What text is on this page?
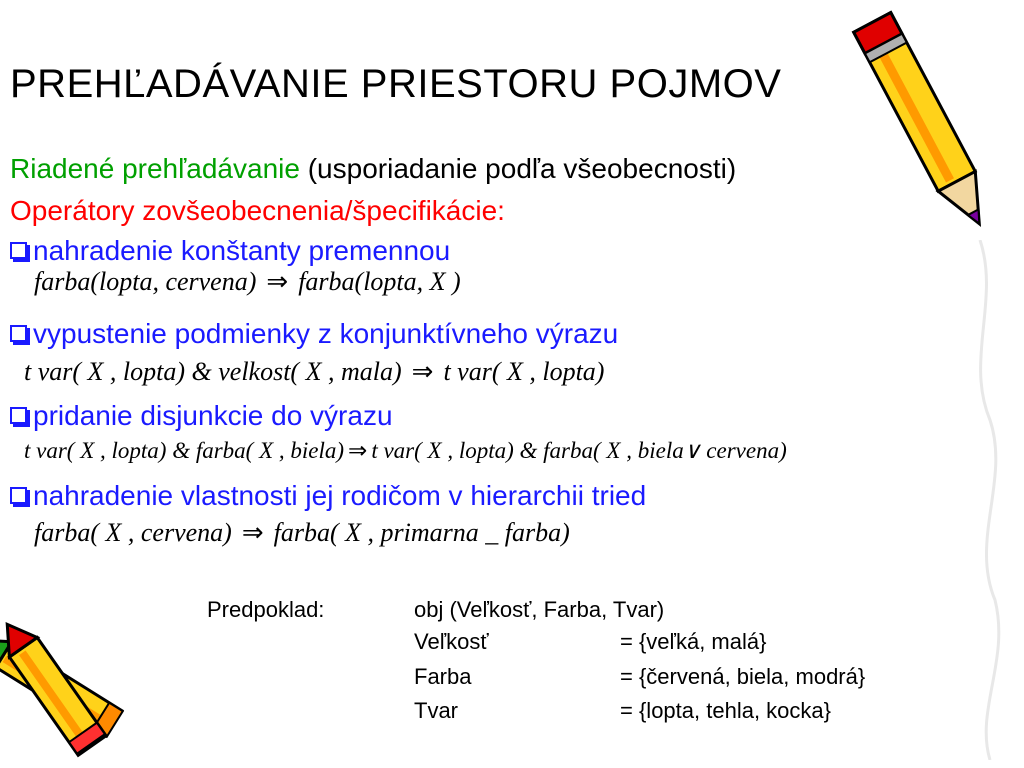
PREHĽADÁVANIE PRIESTORU POJMOV
Riadené prehľadávanie (usporiadanie podľa všeobecnosti)
Operátory zovšeobecnenia/špecifikácie:
nahradenie konštanty premennou
farba(lopta, cervena) ⇒ farba(lopta, X )
vypustenie podmienky z konjunktívneho výrazu
t var( X , lopta) & velkost( X , mala) ⇒ t var( X , lopta)
pridanie disjunkcie do výrazu
t var( X , lopta) & farba( X , biela) ⇒ t var( X , lopta) & farba( X , biela∨ cervena)
nahradenie vlastnosti jej rodičom v hierarchii tried
farba( X , cervena) ⇒ farba( X , primarna _ farba)
Predpoklad:	obj (Veľkosť, Farba, Tvar)
Veľkosť	= {veľká, malá}
Farba	= {červená, biela, modrá}
Tvar	= {lopta, tehla, kocka}
